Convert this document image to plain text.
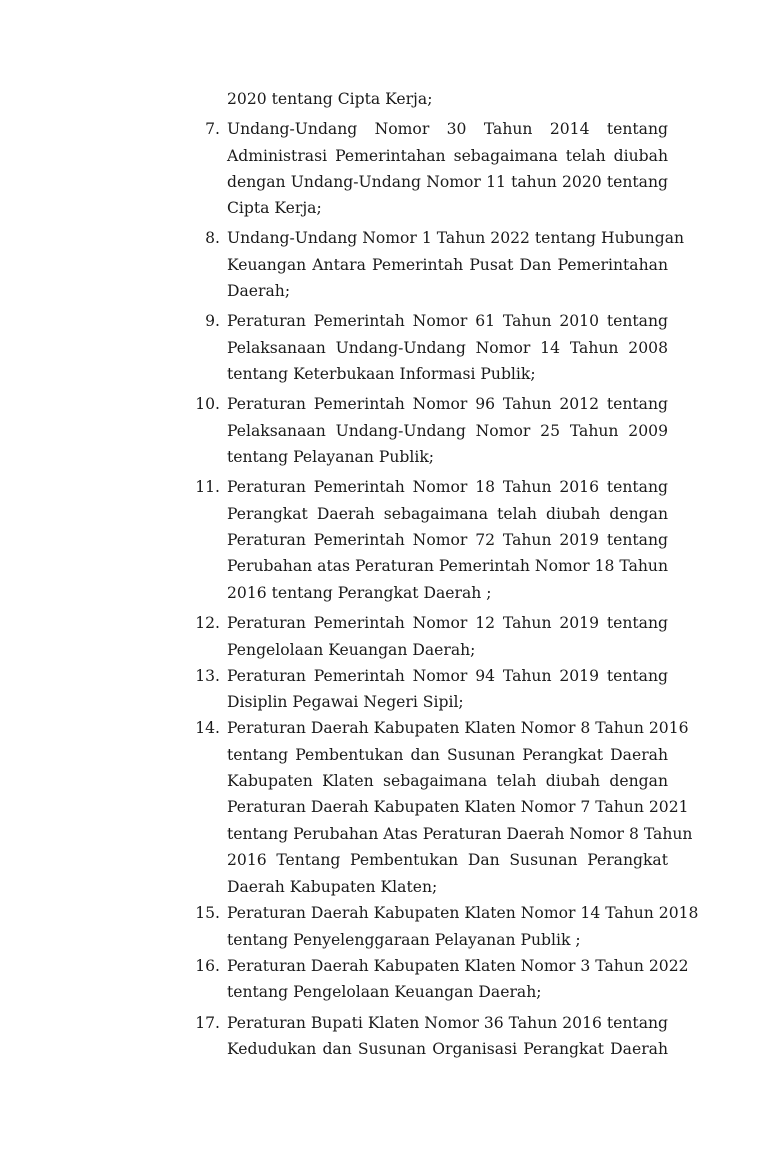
2020 tentang Cipta Kerja;
7. Undang-Undang Nomor 30 Tahun 2014 tentang
Administrasi Pemerintahan sebagaimana telah diubah
dengan Undang-Undang Nomor 11 tahun 2020 tentang
Cipta Kerja;
8. Undang-Undang Nomor 1 Tahun 2022 tentang Hubungan
Keuangan Antara Pemerintah Pusat Dan Pemerintahan
Daerah;
9. Peraturan Pemerintah Nomor 61 Tahun 2010 tentang
Pelaksanaan Undang-Undang Nomor 14 Tahun 2008
tentang Keterbukaan Informasi Publik;
10. Peraturan Pemerintah Nomor 96 Tahun 2012 tentang
Pelaksanaan Undang-Undang Nomor 25 Tahun 2009
tentang Pelayanan Publik;
11. Peraturan Pemerintah Nomor 18 Tahun 2016 tentang
Perangkat Daerah sebagaimana telah diubah dengan
Peraturan Pemerintah Nomor 72 Tahun 2019 tentang
Perubahan atas Peraturan Pemerintah Nomor 18 Tahun
2016 tentang Perangkat Daerah ;
12. Peraturan Pemerintah Nomor 12 Tahun 2019 tentang
Pengelolaan Keuangan Daerah;
13. Peraturan Pemerintah Nomor 94 Tahun 2019 tentang
Disiplin Pegawai Negeri Sipil;
14. Peraturan Daerah Kabupaten Klaten Nomor 8 Tahun 2016
tentang Pembentukan dan Susunan Perangkat Daerah
Kabupaten Klaten sebagaimana telah diubah dengan
Peraturan Daerah Kabupaten Klaten Nomor 7 Tahun 2021
tentang Perubahan Atas Peraturan Daerah Nomor 8 Tahun
2016 Tentang Pembentukan Dan Susunan Perangkat
Daerah Kabupaten Klaten;
15. Peraturan Daerah Kabupaten Klaten Nomor 14 Tahun 2018
tentang Penyelenggaraan Pelayanan Publik ;
16. Peraturan Daerah Kabupaten Klaten Nomor 3 Tahun 2022
tentang Pengelolaan Keuangan Daerah;
17. Peraturan Bupati Klaten Nomor 36 Tahun 2016 tentang
Kedudukan dan Susunan Organisasi Perangkat Daerah
